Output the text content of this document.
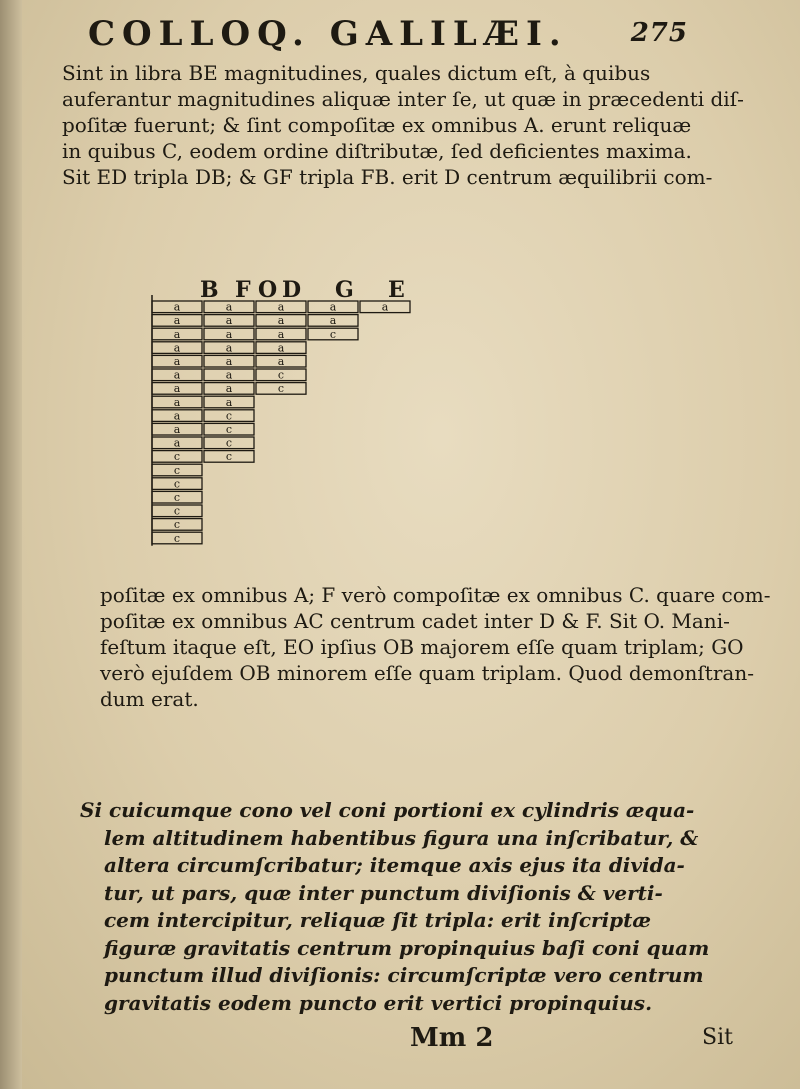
COLLOQ. GALILÆI. 275
Sint in libra BE magnitudines, quales dictum eſt, à quibus
auferantur magnitudines aliquæ inter ſe, ut quæ in præcedenti diſ-
poſitæ fuerunt; & ſint compoſitæ ex omnibus A. erunt reliquæ
in quibus C, eodem ordine diſtributæ, ſed deficientes maxima.
Sit ED tripla DB; & GF tripla FB. erit D centrum æquilibrii com-
B F O D G E
a	a	a	a	a
a	a	a	a
a	a	a	c
a	a	a
a	a	a
a	a	c
a	a	c
a	a
a	c
a	c
a	c
c	c
c
c
c
c
c
c
poſitæ ex omnibus A; F verò compoſitæ ex omnibus C. quare com-
poſitæ ex omnibus AC centrum cadet inter D & F. Sit O. Mani-
feſtum itaque eſt, EO ipſius OB majorem eſſe quam triplam; GO
verò ejuſdem OB minorem eſſe quam triplam. Quod demonſtran-
dum erat.
Si cuicumque cono vel coni portioni ex cylindris æqua-
lem altitudinem habentibus figura una inſcribatur, &
altera circumſcribatur; itemque axis ejus ita divida-
tur, ut pars, quæ inter punctum diviſionis & verti-
cem intercipitur, reliquæ ſit tripla: erit inſcriptæ
figuræ gravitatis centrum propinquius baſi coni quam
punctum illud diviſionis: circumſcriptæ vero centrum
gravitatis eodem puncto erit vertici propinquius.
Mm 2	Sit
